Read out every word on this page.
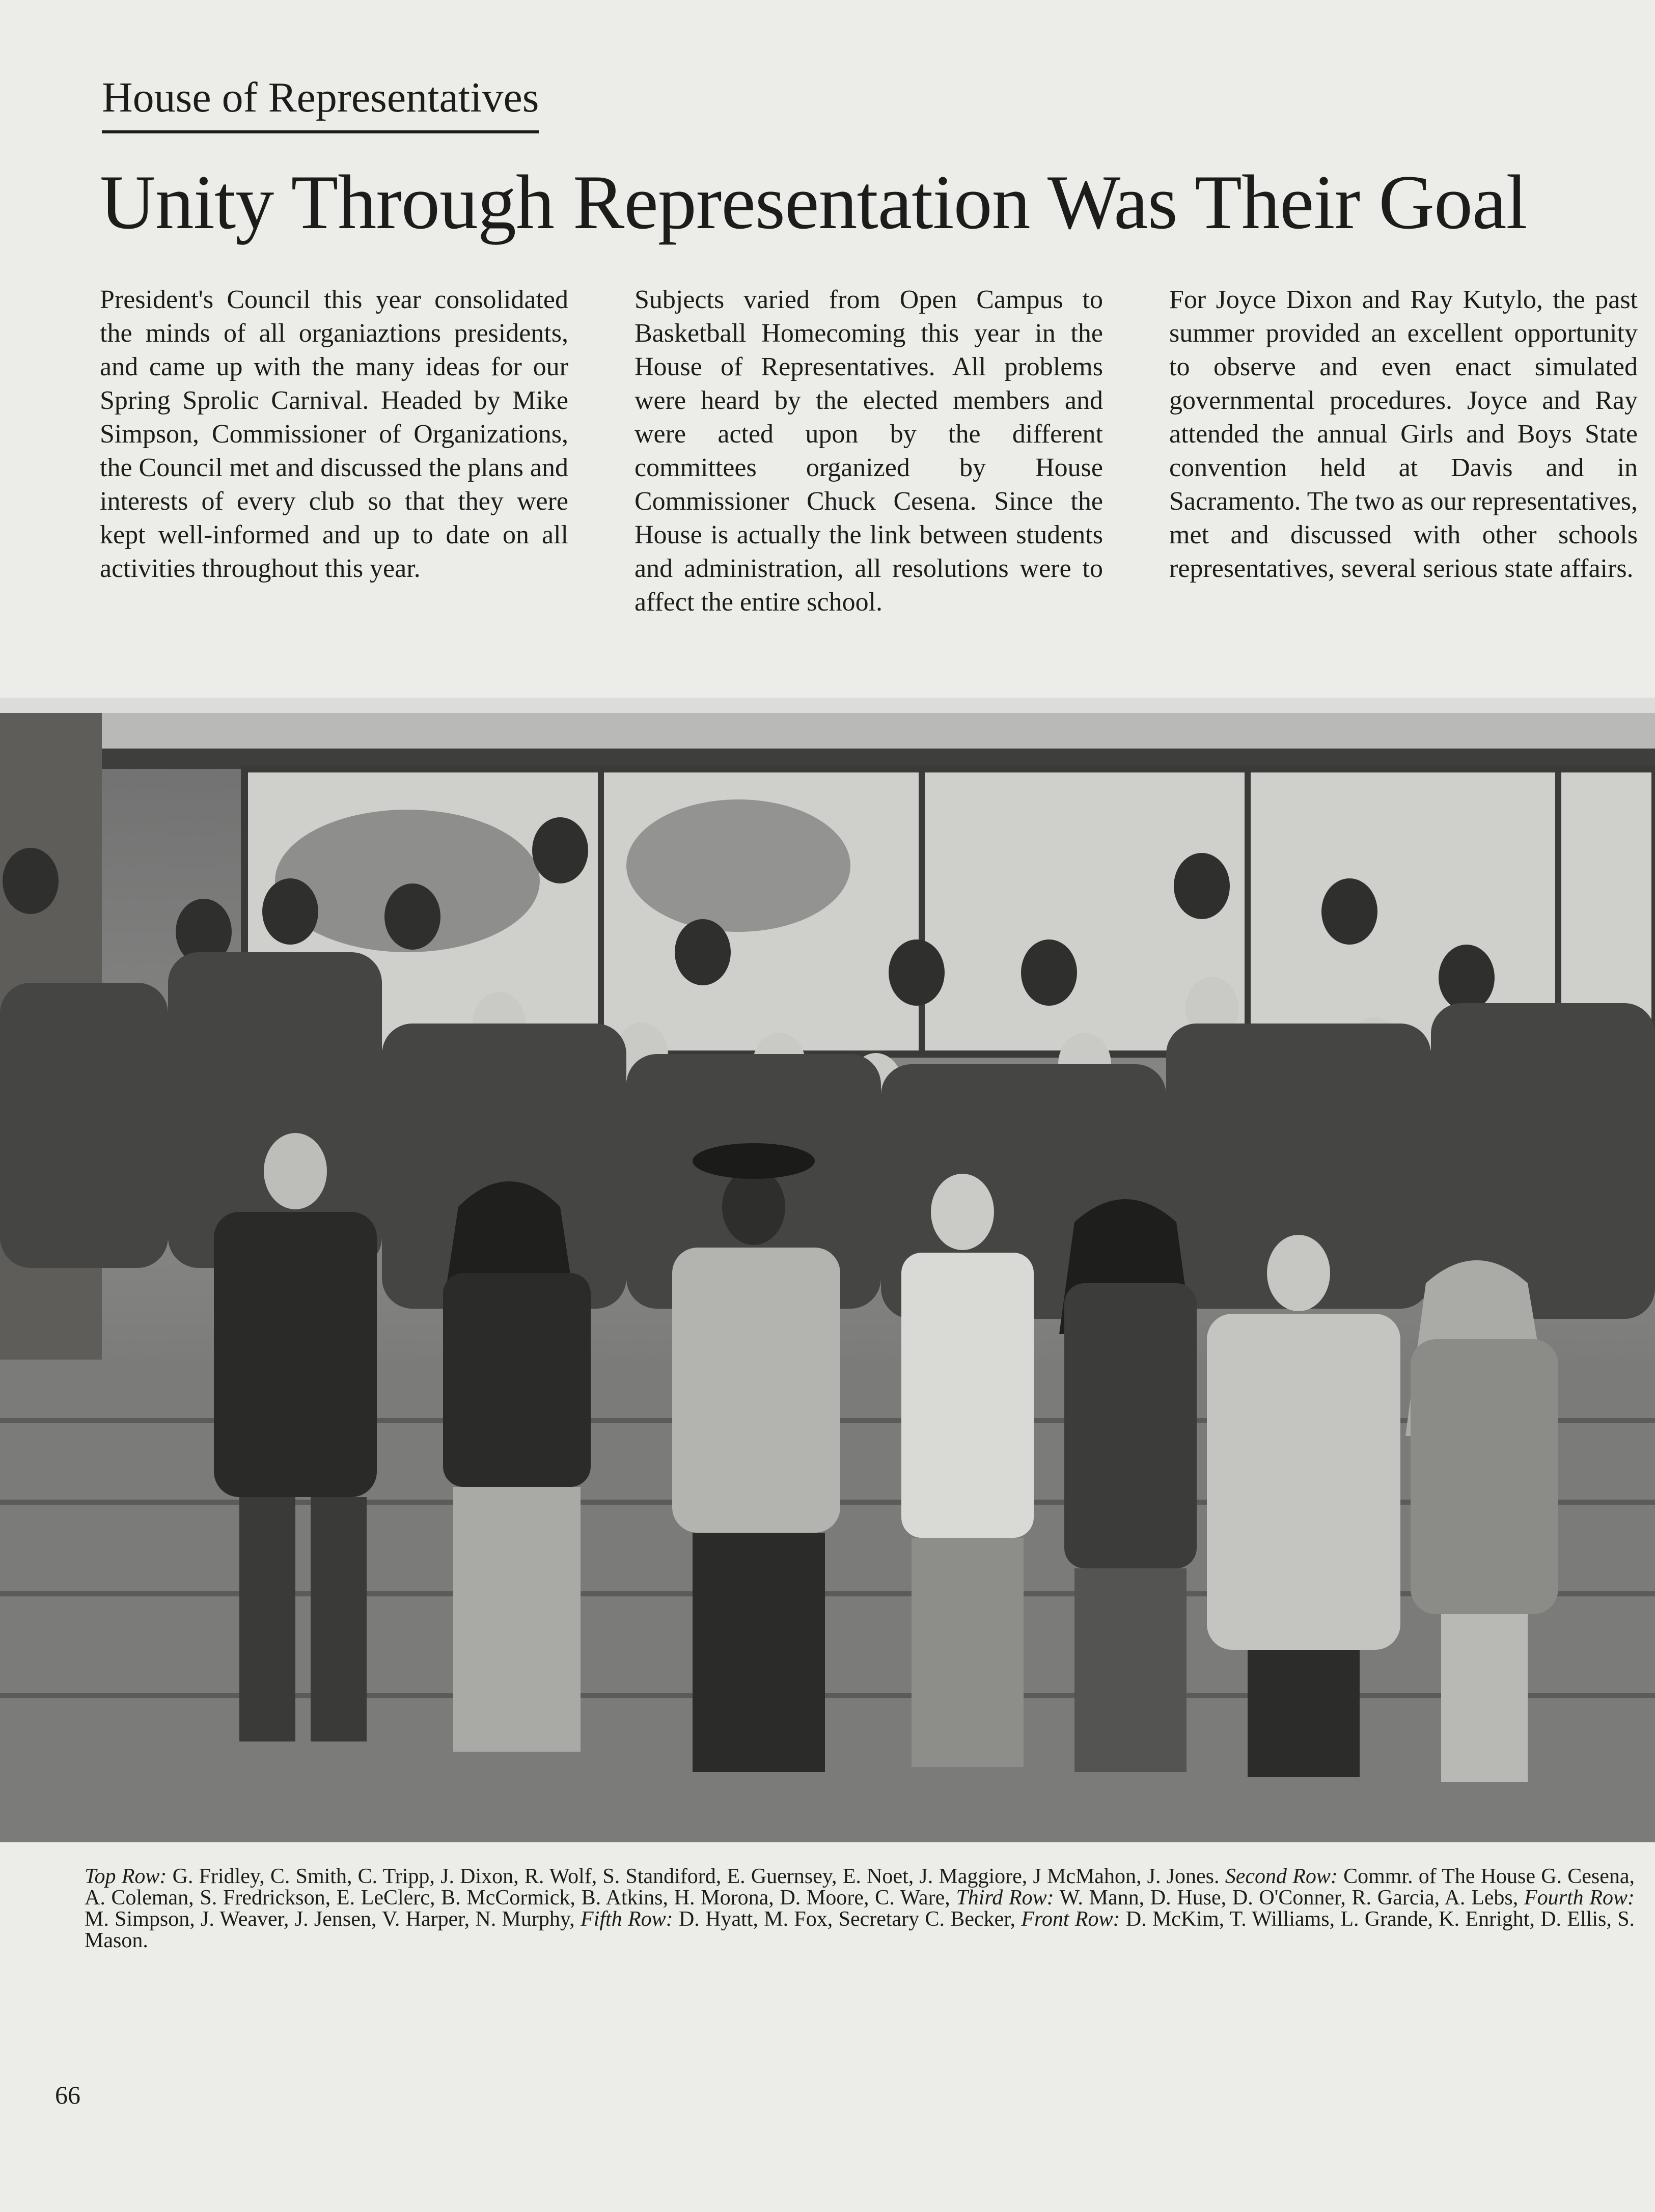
House of Representatives
Unity Through Representation Was Their Goal

President's Council this year consolidated the minds of all organiaztions presidents, and came up with the many ideas for our Spring Sprolic Carnival. Headed by Mike Simpson, Commissioner of Organizations, the Council met and discussed the plans and interests of every club so that they were kept well-informed and up to date on all activities throughout this year.

Subjects varied from Open Campus to Basketball Homecoming this year in the House of Representatives. All problems were heard by the elected members and were acted upon by the different committees organized by House Commissioner Chuck Cesena. Since the House is actually the link between students and administration, all resolutions were to affect the entire school.

For Joyce Dixon and Ray Kutylo, the past summer provided an excellent opportunity to observe and even enact simulated governmental procedures. Joyce and Ray attended the annual Girls and Boys State convention held at Davis and in Sacramento. The two as our representatives, met and discussed with other schools representatives, several serious state affairs.

Top Row: G. Fridley, C. Smith, C. Tripp, J. Dixon, R. Wolf, S. Standiford, E. Guernsey, E. Noet, J. Maggiore, J McMahon, J. Jones. Second Row: Commr. of The House G. Cesena, A. Coleman, S. Fredrickson, E. LeClerc, B. McCormick, B. Atkins, H. Morona, D. Moore, C. Ware, Third Row: W. Mann, D. Huse, D. O'Conner, R. Garcia, A. Lebs, Fourth Row: M. Simpson, J. Weaver, J. Jensen, V. Harper, N. Murphy, Fifth Row: D. Hyatt, M. Fox, Secretary C. Becker, Front Row: D. McKim, T. Williams, L. Grande, K. Enright, D. Ellis, S. Mason.

66
